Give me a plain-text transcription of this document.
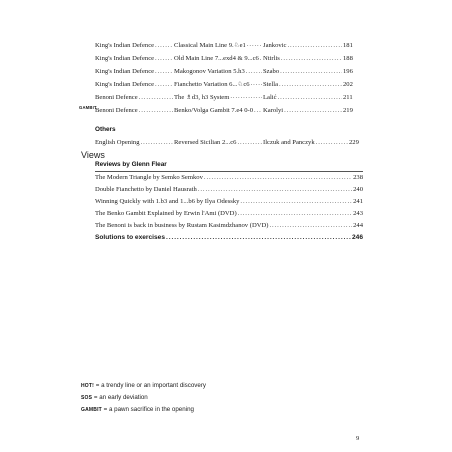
King's Indian Defence .....	Classical Main Line 9.♘e1 .....	Jankovic .....	181
King's Indian Defence .....	Old Main Line 7...exd4 & 9...c6 ..... Ntirlis .....	188
King's Indian Defence .....	Makogonov Variation 5.h3 .....	Szabo .....	196
King's Indian Defence .....	Fianchetto Variation 6...♘c6 ..... Stella .....	202
Benoni Defence .....	The ♗d3, h3 System .....	Lalić .....	211
GAMBIT
Benoni Defence .....	Benko/Volga Gambit 7.e4 0-0 ..... Karolyi .....	219
Others
English Opening .....	Reversed Sicilian 2...c6 .....	Ilczuk and Panczyk .....	229
Views
Reviews by Glenn Flear
The Modern Triangle by Semko Semkov .....	238
Double Fianchetto by Daniel Hausrath .....	240
Winning Quickly with 1.b3 and 1...b6 by Ilya Odessky .....	241
The Benko Gambit Explained by Erwin l'Ami (DVD) .....	243
The Benoni is back in business by Rustam Kasimdzhanov (DVD) .....	244
Solutions to exercises .....	246
HOT! = a trendy line or an important discovery
SOS = an early deviation
GAMBIT = a pawn sacrifice in the opening
9
